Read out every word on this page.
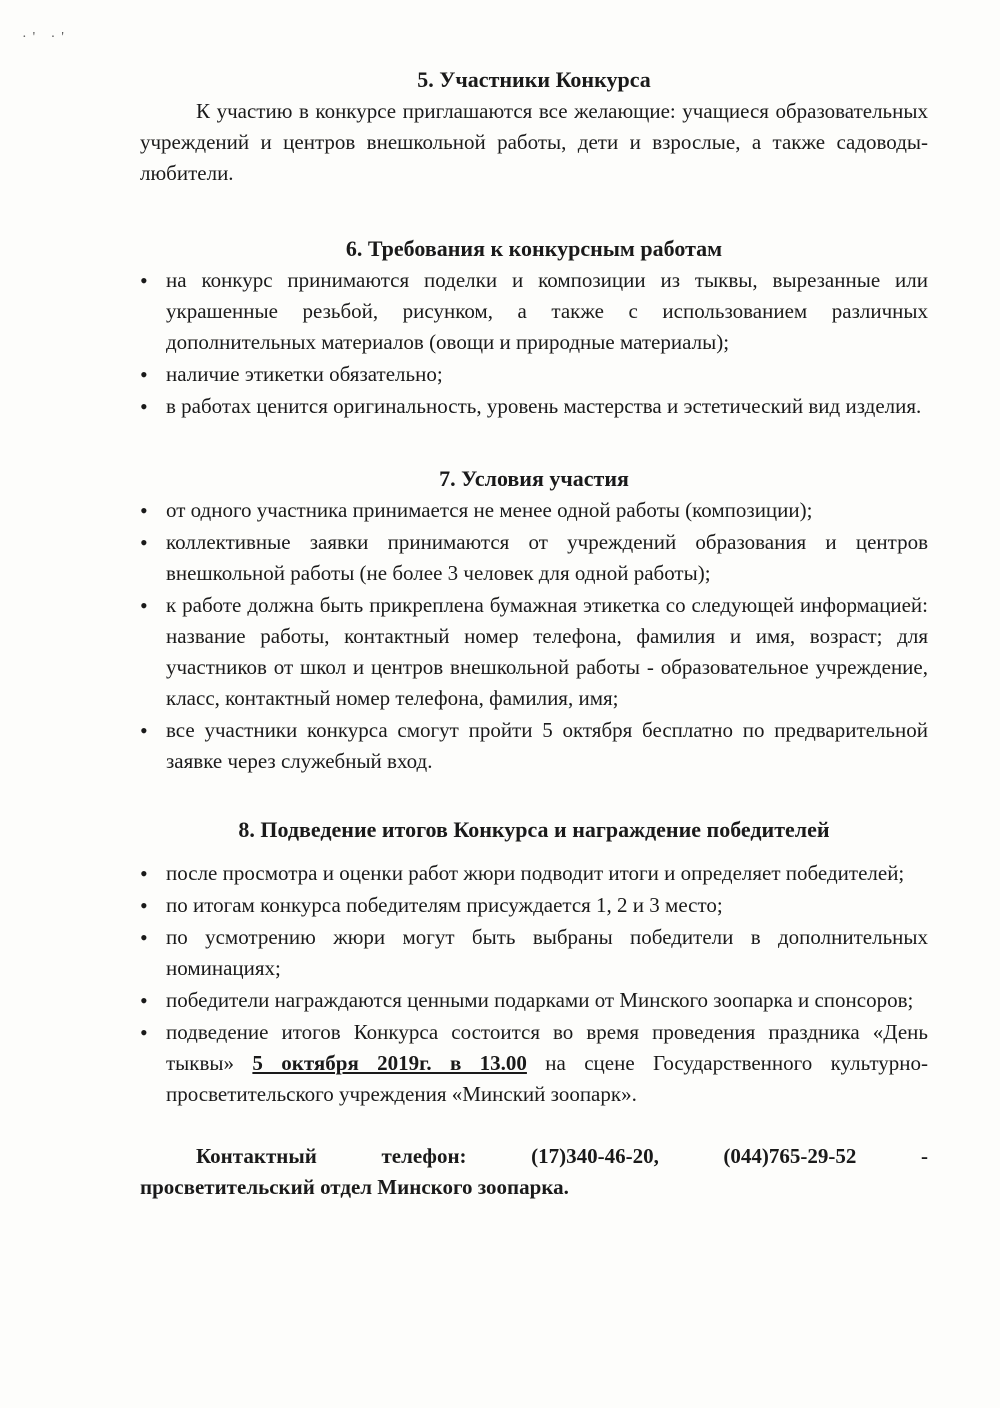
·' ·'
5. Участники Конкурса

К участию в конкурсе приглашаются все желающие: учащиеся образовательных учреждений и центров внешкольной работы, дети и взрослые, а также садоводы-любители.

6. Требования к конкурсным работам
• на конкурс принимаются поделки и композиции из тыквы, вырезанные или украшенные резьбой, рисунком, а также с использованием различных дополнительных материалов (овощи и природные материалы);
• наличие этикетки обязательно;
• в работах ценится оригинальность, уровень мастерства и эстетический вид изделия.
7. Условия участия
• от одного участника принимается не менее одной работы (композиции);
• коллективные заявки принимаются от учреждений образования и центров внешкольной работы (не более 3 человек для одной работы);
• к работе должна быть прикреплена бумажная этикетка со следующей информацией: название работы, контактный номер телефона, фамилия и имя, возраст; для участников от школ и центров внешкольной работы - образовательное учреждение, класс, контактный номер телефона, фамилия, имя;
• все участники конкурса смогут пройти 5 октября бесплатно по предварительной заявке через служебный вход.
8. Подведение итогов Конкурса и награждение победителей
• после просмотра и оценки работ жюри подводит итоги и определяет победителей;
• по итогам конкурса победителям присуждается 1, 2 и 3 место;
• по усмотрению жюри могут быть выбраны победители в дополнительных номинациях;
• победители награждаются ценными подарками от Минского зоопарка и спонсоров;
• подведение итогов Конкурса состоится во время проведения праздника «День тыквы» 5 октября 2019г. в 13.00 на сцене Государственного культурно-просветительского учреждения «Минский зоопарк».
Контактный	телефон:	(17)340-46-20,	(044)765-29-52	-
просветительский отдел Минского зоопарка.
